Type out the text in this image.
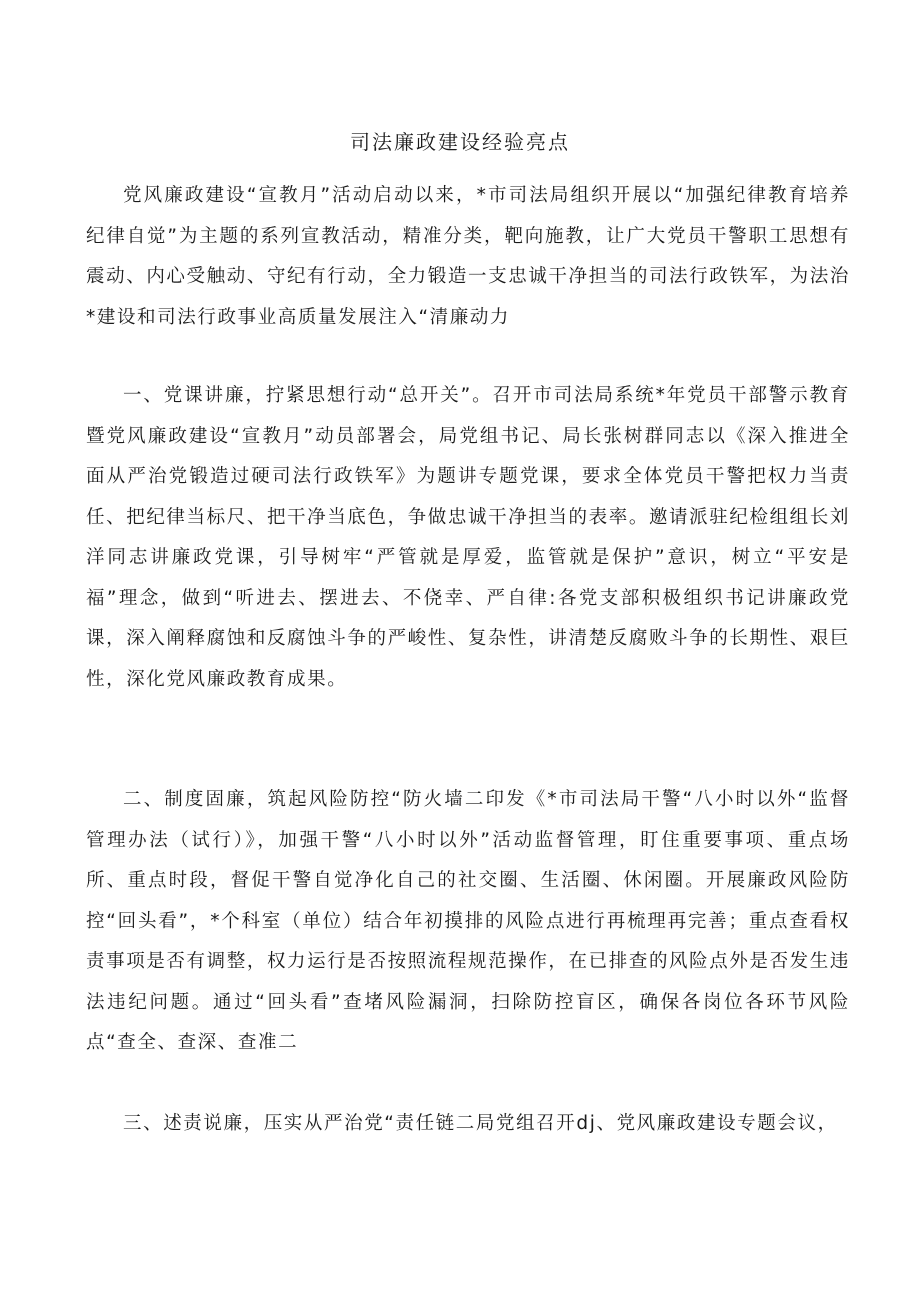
司法廉政建设经验亮点

党风廉政建设“宣教月”活动启动以来，*市司法局组织开展以“加强纪律教育培养纪律自觉”为主题的系列宣教活动，精准分类，靶向施教，让广大党员干警职工思想有震动、内心受触动、守纪有行动，全力锻造一支忠诚干净担当的司法行政铁军，为法治*建设和司法行政事业高质量发展注入“清廉动力

一、党课讲廉，拧紧思想行动“总开关”。召开市司法局系统*年党员干部警示教育暨党风廉政建设“宣教月”动员部署会，局党组书记、局长张树群同志以《深入推进全面从严治党锻造过硬司法行政铁军》为题讲专题党课，要求全体党员干警把权力当责任、把纪律当标尺、把干净当底色，争做忠诚干净担当的表率。邀请派驻纪检组组长刘洋同志讲廉政党课，引导树牢“严管就是厚爱，监管就是保护”意识，树立“平安是福”理念，做到“听进去、摆进去、不侥幸、严自律:各党支部积极组织书记讲廉政党课，深入阐释腐蚀和反腐蚀斗争的严峻性、复杂性，讲清楚反腐败斗争的长期性、艰巨性，深化党风廉政教育成果。

二、制度固廉，筑起风险防控“防火墙二印发《*市司法局干警“八小时以外“监督管理办法（试行）》，加强干警“八小时以外”活动监督管理，盯住重要事项、重点场所、重点时段，督促干警自觉净化自己的社交圈、生活圈、休闲圈。开展廉政风险防控“回头看”，*个科室（单位）结合年初摸排的风险点进行再梳理再完善；重点查看权责事项是否有调整，权力运行是否按照流程规范操作，在已排查的风险点外是否发生违法违纪问题。通过“回头看”查堵风险漏洞，扫除防控盲区，确保各岗位各环节风险点“查全、查深、查准二

三、述责说廉，压实从严治党“责任链二局党组召开dj、党风廉政建设专题会议，
